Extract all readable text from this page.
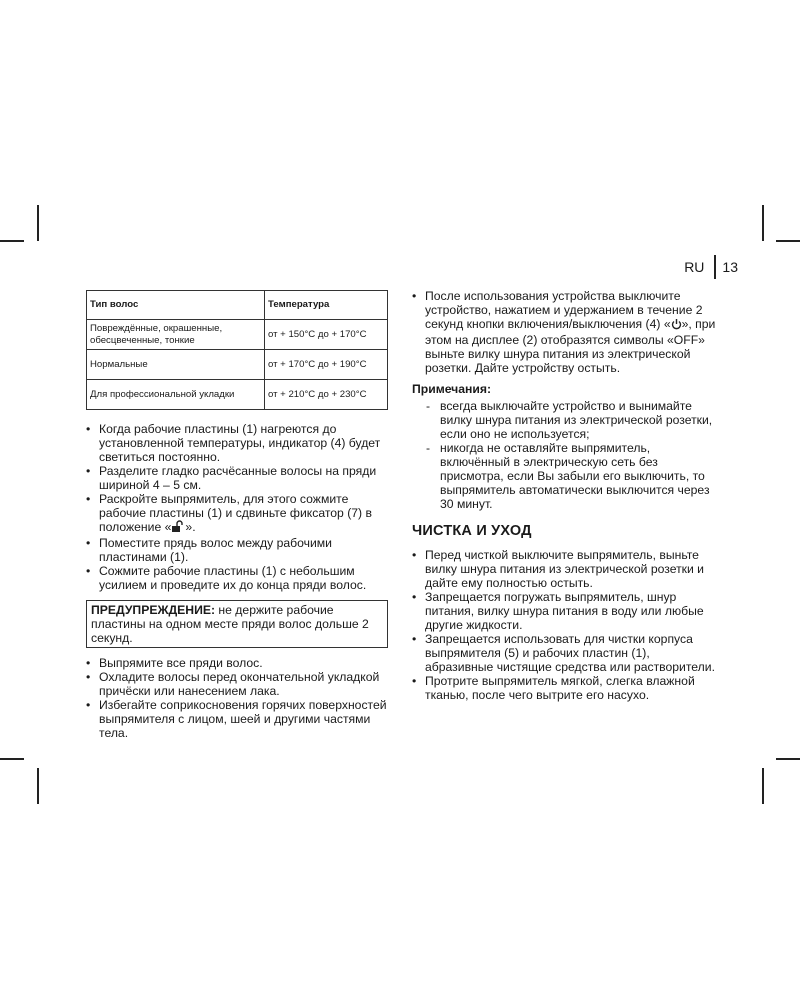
RU 13
Тип волос	Температура
Повреждённые, окрашенные, обесцвеченные, тонкие	от + 150°C до + 170°C
Нормальные	от + 170°C до + 190°C
Для профессиональной укладки	от + 210°C до + 230°C
• Когда рабочие пластины (1) нагреются до установленной температуры, индикатор (4) будет светиться постоянно.
• Разделите гладко расчёсанные волосы на пряди шириной 4 – 5 см.
• Раскройте выпрямитель, для этого сожмите рабочие пластины (1) и сдвиньте фиксатор (7) в положение « ».
• Поместите прядь волос между рабочими пластинами (1).
• Сожмите рабочие пластины (1) с небольшим усилием и проведите их до конца пряди волос.
ПРЕДУПРЕЖДЕНИЕ: не держите рабочие пластины на одном месте пряди волос дольше 2 секунд.
• Выпрямите все пряди волос.
• Охладите волосы перед окончательной укладкой причёски или нанесением лака.
• Избегайте соприкосновения горячих поверхностей выпрямителя с лицом, шеей и другими частями тела.
• После использования устройства выключите устройство, нажатием и удержанием в течение 2 секунд кнопки включения/выключения (4) « », при этом на дисплее (2) отобразятся символы «OFF» выньте вилку шнура питания из электрической розетки. Дайте устройству остыть.
Примечания:
- всегда выключайте устройство и вынимайте вилку шнура питания из электрической розетки, если оно не используется;
- никогда не оставляйте выпрямитель, включённый в электрическую сеть без присмотра, если Вы забыли его выключить, то выпрямитель автоматически выключится через 30 минут.
ЧИСТКА И УХОД
• Перед чисткой выключите выпрямитель, выньте вилку шнура питания из электрической розетки и дайте ему полностью остыть.
• Запрещается погружать выпрямитель, шнур питания, вилку шнура питания в воду или любые другие жидкости.
• Запрещается использовать для чистки корпуса выпрямителя (5) и рабочих пластин (1), абразивные чистящие средства или растворители.
• Протрите выпрямитель мягкой, слегка влажной тканью, после чего вытрите его насухо.
